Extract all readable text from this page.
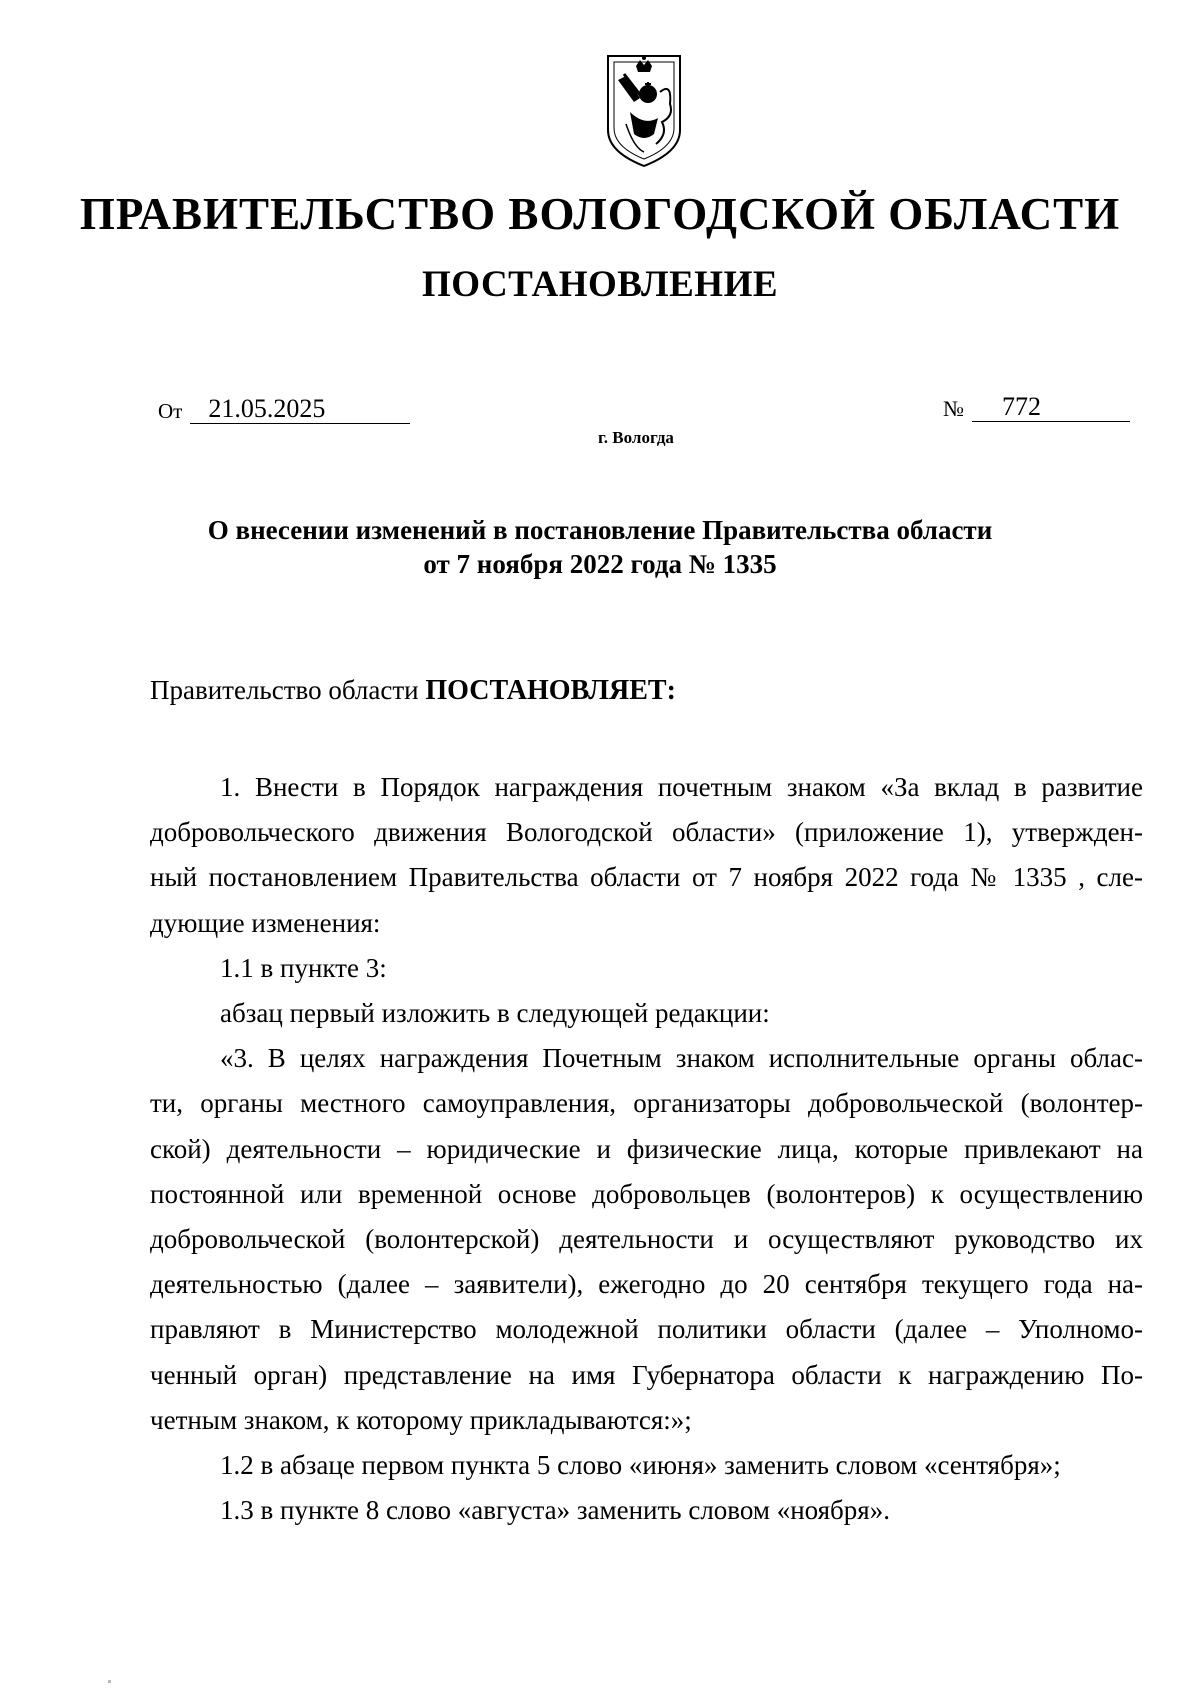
ПРАВИТЕЛЬСТВО ВОЛОГОДСКОЙ ОБЛАСТИ
ПОСТАНОВЛЕНИЕ
От	21.05.2025	№	772
г. Вологда
О внесении изменений в постановление Правительства области
от 7 ноября 2022 года № 1335
Правительство области ПОСТАНОВЛЯЕТ:
1. Внести в Порядок награждения почетным знаком «За вклад в развитие
добровольческого движения Вологодской области» (приложение 1), утвержден-
ный постановлением Правительства области от 7 ноября 2022 года № 1335 , сле-
дующие изменения:
1.1 в пункте 3:
абзац первый изложить в следующей редакции:
«3. В целях награждения Почетным знаком исполнительные органы облас-
ти, органы местного самоуправления, организаторы добровольческой (волонтер-
ской) деятельности – юридические и физические лица, которые привлекают на
постоянной или временной основе добровольцев (волонтеров) к осуществлению
добровольческой (волонтерской) деятельности и осуществляют руководство их
деятельностью (далее – заявители), ежегодно до 20 сентября текущего года на-
правляют в Министерство молодежной политики области (далее – Уполномо-
ченный орган) представление на имя Губернатора области к награждению По-
четным знаком, к которому прикладываются:»;
1.2 в абзаце первом пункта 5 слово «июня» заменить словом «сентября»;
1.3 в пункте 8 слово «августа» заменить словом «ноября».
